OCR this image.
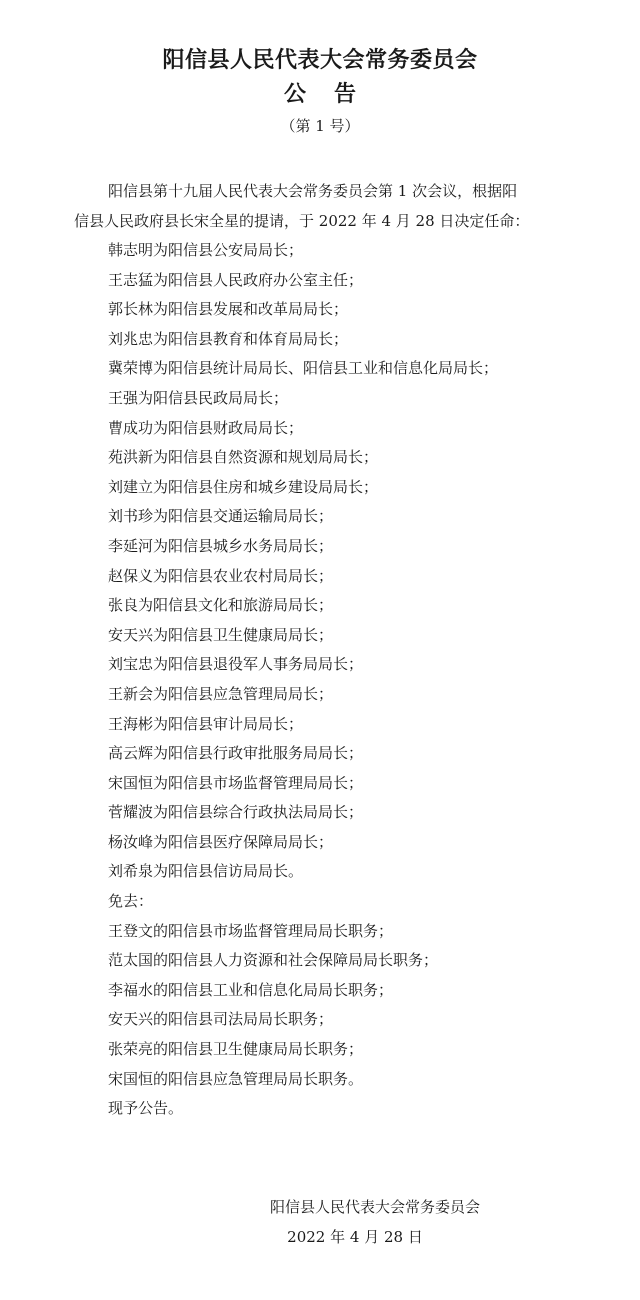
阳信县人民代表大会常务委员会
公告
（第 1 号）

阳信县第十九届人民代表大会常务委员会第 1 次会议，根据阳

信县人民政府县长宋全星的提请，于 2022 年 4 月 28 日决定任命：

韩志明为阳信县公安局局长；
王志猛为阳信县人民政府办公室主任；
郭长林为阳信县发展和改革局局长；
刘兆忠为阳信县教育和体育局局长；
冀荣博为阳信县统计局局长、阳信县工业和信息化局局长；
王强为阳信县民政局局长；
曹成功为阳信县财政局局长；
苑洪新为阳信县自然资源和规划局局长；
刘建立为阳信县住房和城乡建设局局长；
刘书珍为阳信县交通运输局局长；
李延河为阳信县城乡水务局局长；
赵保义为阳信县农业农村局局长；
张良为阳信县文化和旅游局局长；
安天兴为阳信县卫生健康局局长；
刘宝忠为阳信县退役军人事务局局长；
王新会为阳信县应急管理局局长；
王海彬为阳信县审计局局长；
高云辉为阳信县行政审批服务局局长；
宋国恒为阳信县市场监督管理局局长；
菅耀波为阳信县综合行政执法局局长；
杨汝峰为阳信县医疗保障局局长；
刘希泉为阳信县信访局局长。
免去：
王登文的阳信县市场监督管理局局长职务；
范太国的阳信县人力资源和社会保障局局长职务；
李福水的阳信县工业和信息化局局长职务；
安天兴的阳信县司法局局长职务；
张荣亮的阳信县卫生健康局局长职务；
宋国恒的阳信县应急管理局局长职务。
现予公告。
阳信县人民代表大会常务委员会
2022 年 4 月 28 日
